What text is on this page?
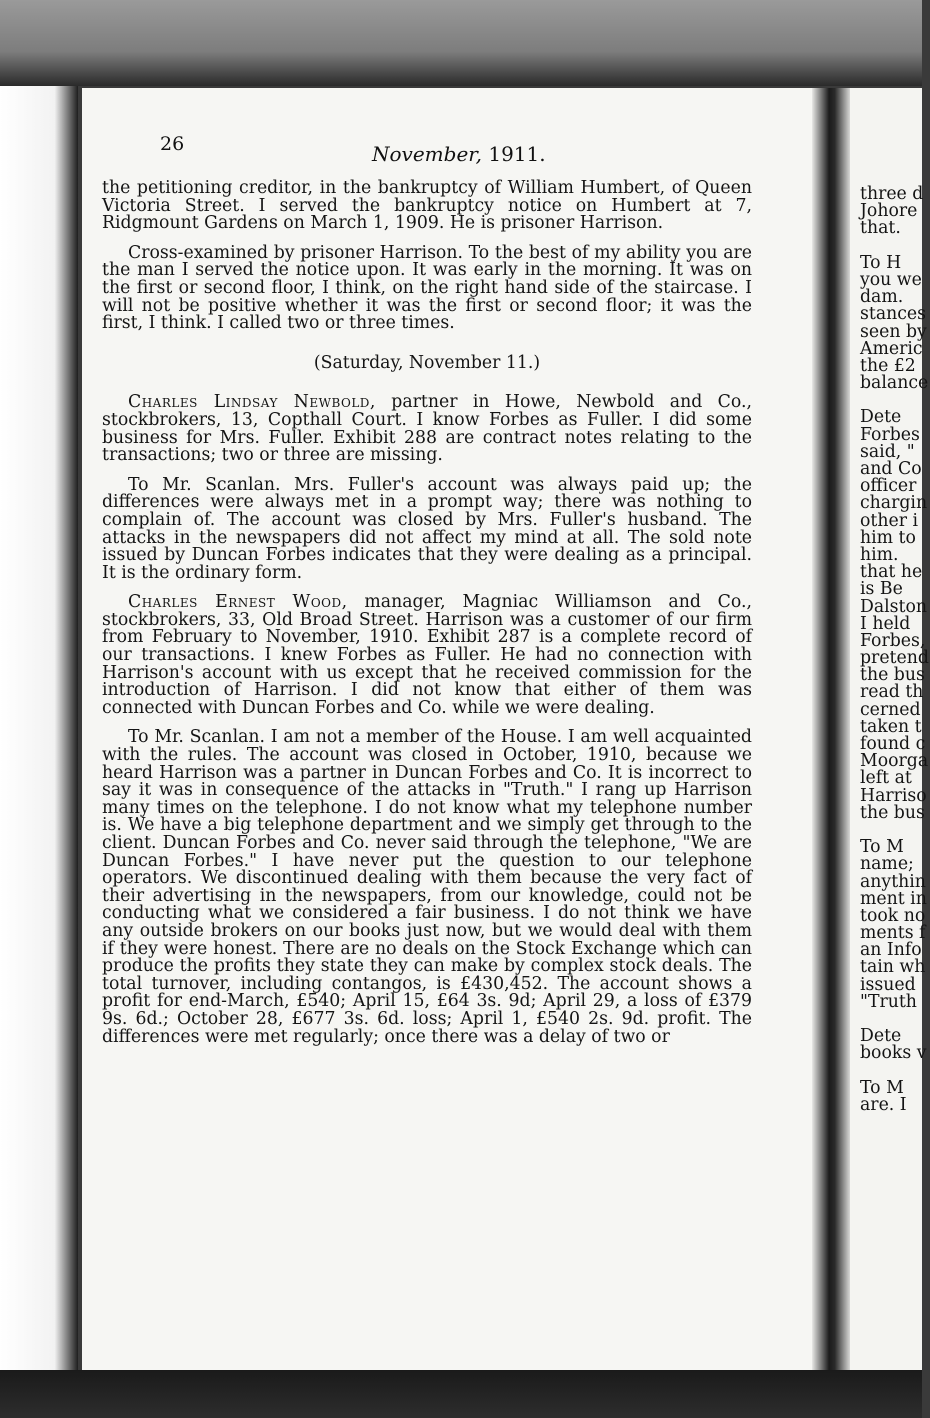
26	November, 1911.

the petitioning creditor, in the bankruptcy of William Humbert, of Queen Victoria Street. I served the bankruptcy notice on Humbert at 7, Ridgmount Gardens on March 1, 1909. He is prisoner Harrison.

Cross-examined by prisoner Harrison. To the best of my ability you are the man I served the notice upon. It was early in the morning. It was on the first or second floor, I think, on the right hand side of the staircase. I will not be positive whether it was the first or second floor; it was the first, I think. I called two or three times.

(Saturday, November 11.)

Charles Lindsay Newbold, partner in Howe, Newbold and Co., stockbrokers, 13, Copthall Court. I know Forbes as Fuller. I did some business for Mrs. Fuller. Exhibit 288 are contract notes relating to the transactions; two or three are missing.

To Mr. Scanlan. Mrs. Fuller's account was always paid up; the differences were always met in a prompt way; there was nothing to complain of. The account was closed by Mrs. Fuller's husband. The attacks in the newspapers did not affect my mind at all. The sold note issued by Duncan Forbes indicates that they were dealing as a principal. It is the ordinary form.

Charles Ernest Wood, manager, Magniac Williamson and Co., stockbrokers, 33, Old Broad Street. Harrison was a customer of our firm from February to November, 1910. Exhibit 287 is a complete record of our transactions. I knew Forbes as Fuller. He had no connection with Harrison's account with us except that he received commission for the introduction of Harrison. I did not know that either of them was connected with Duncan Forbes and Co. while we were dealing.

To Mr. Scanlan. I am not a member of the House. I am well acquainted with the rules. The account was closed in October, 1910, because we heard Harrison was a partner in Duncan Forbes and Co. It is incorrect to say it was in consequence of the attacks in "Truth." I rang up Harrison many times on the telephone. I do not know what my telephone number is. We have a big telephone department and we simply get through to the client. Duncan Forbes and Co. never said through the telephone, "We are Duncan Forbes." I have never put the question to our telephone operators. We discontinued dealing with them because the very fact of their advertising in the newspapers, from our knowledge, could not be conducting what we considered a fair business. I do not think we have any outside brokers on our books just now, but we would deal with them if they were honest. There are no deals on the Stock Exchange which can produce the profits they state they can make by complex stock deals. The total turnover, including contangos, is £430,452. The account shows a profit for end-March, £540; April 15, £64 3s. 9d; April 29, a loss of £379 9s. 6d.; October 28, £677 3s. 6d. loss; April 1, £540 2s. 9d. profit. The differences were met regularly; once there was a delay of two or

three d
Johore
that.
To H
you we
dam.
stances
seen by
Americ
the £2
balance
Dete
Forbes
said, "
and Co
officer
chargin
other i
him to
him.
that he
is Be
Dalston
I held
Forbes,
pretend
the bus
read th
cerned
taken t
found c
Moorga
left at
Harriso
the bus
To M
name;
anythin
ment in
took no
ments f
an Info
tain wh
issued
"Truth
Dete
books v
To M
are. I
